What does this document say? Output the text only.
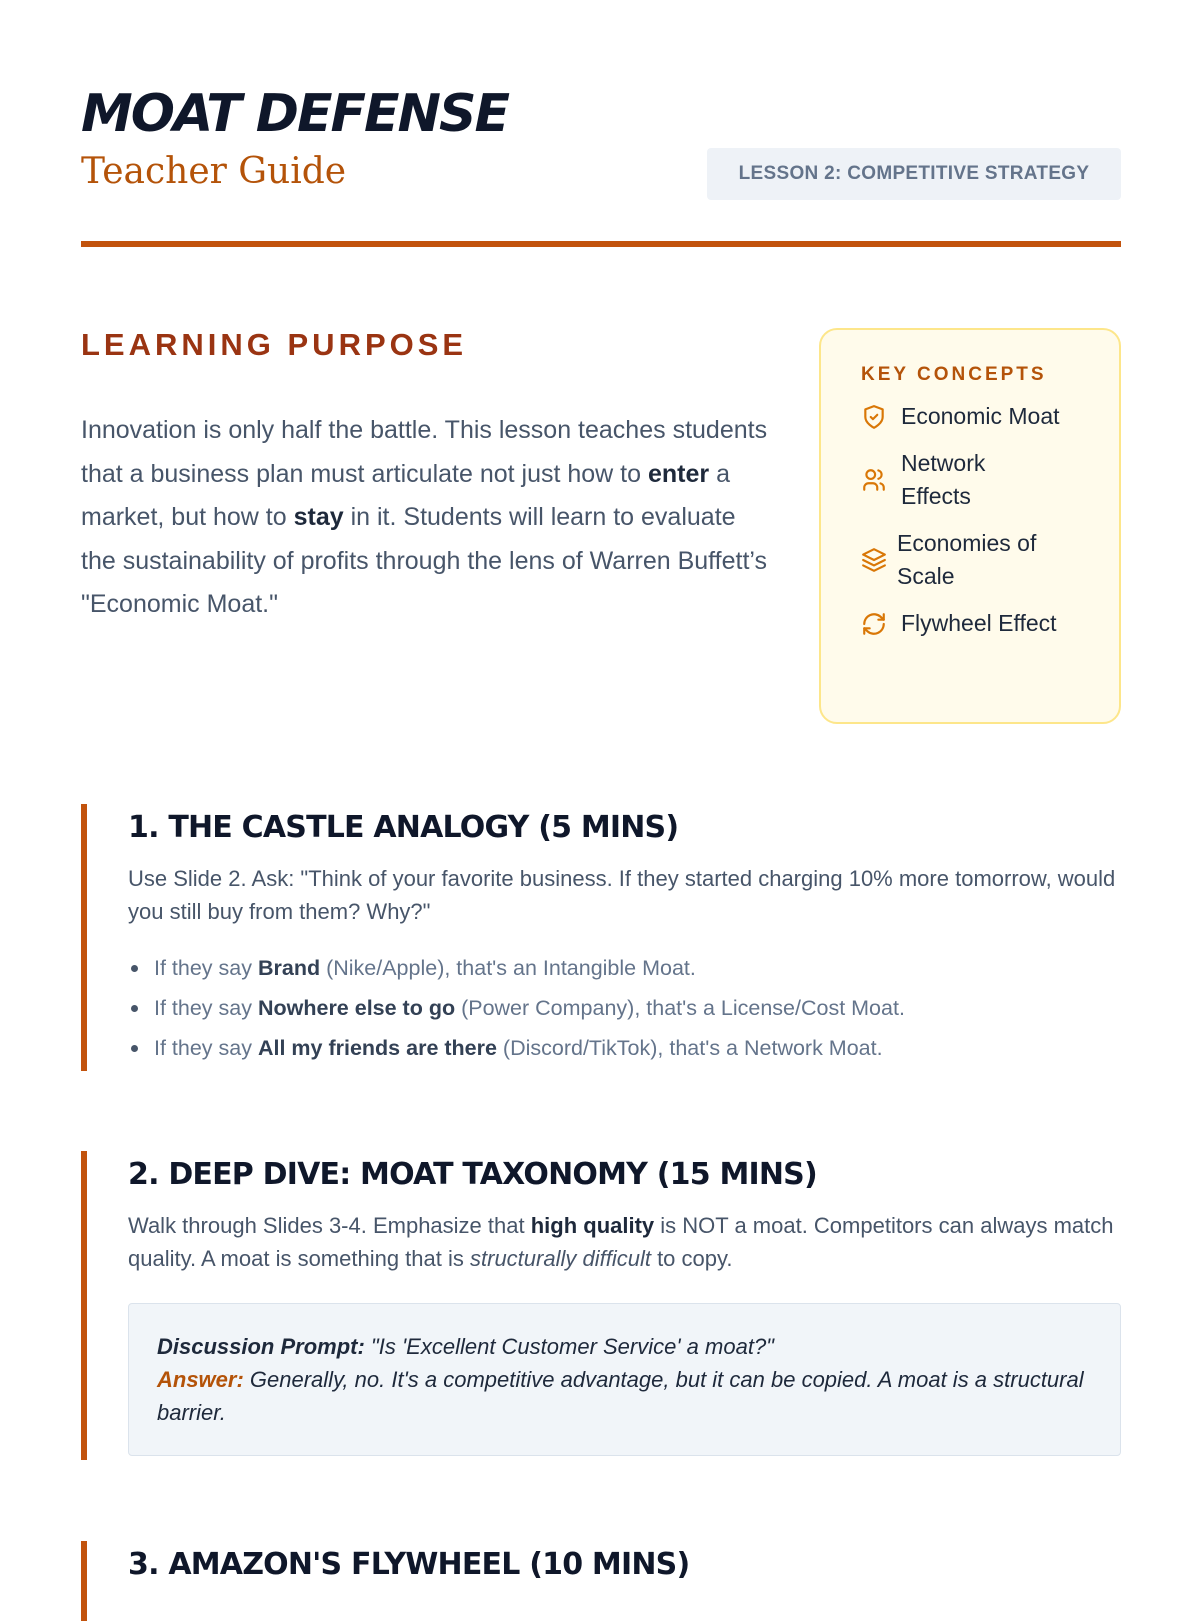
MOAT DEFENSE
Teacher Guide	LESSON 2: COMPETITIVE STRATEGY
LEARNING PURPOSE

Innovation is only half the battle. This lesson teaches students that a business plan must articulate not just how to enter a market, but how to stay in it. Students will learn to evaluate the sustainability of profits through the lens of Warren Buffett’s "Economic Moat."

KEY CONCEPTS
Economic Moat
Network Effects
Economies of Scale
Flywheel Effect
1. THE CASTLE ANALOGY (5 MINS)

Use Slide 2. Ask: "Think of your favorite business. If they started charging 10% more tomorrow, would you still buy from them? Why?"

If they say Brand (Nike/Apple), that's an Intangible Moat.
If they say Nowhere else to go (Power Company), that's a License/Cost Moat.
If they say All my friends are there (Discord/TikTok), that's a Network Moat.
2. DEEP DIVE: MOAT TAXONOMY (15 MINS)

Walk through Slides 3-4. Emphasize that high quality is NOT a moat. Competitors can always match quality. A moat is something that is structurally difficult to copy.

Discussion Prompt: "Is 'Excellent Customer Service' a moat?"
Answer: Generally, no. It's a competitive advantage, but it can be copied. A moat is a structural barrier.
3. AMAZON'S FLYWHEEL (10 MINS)
